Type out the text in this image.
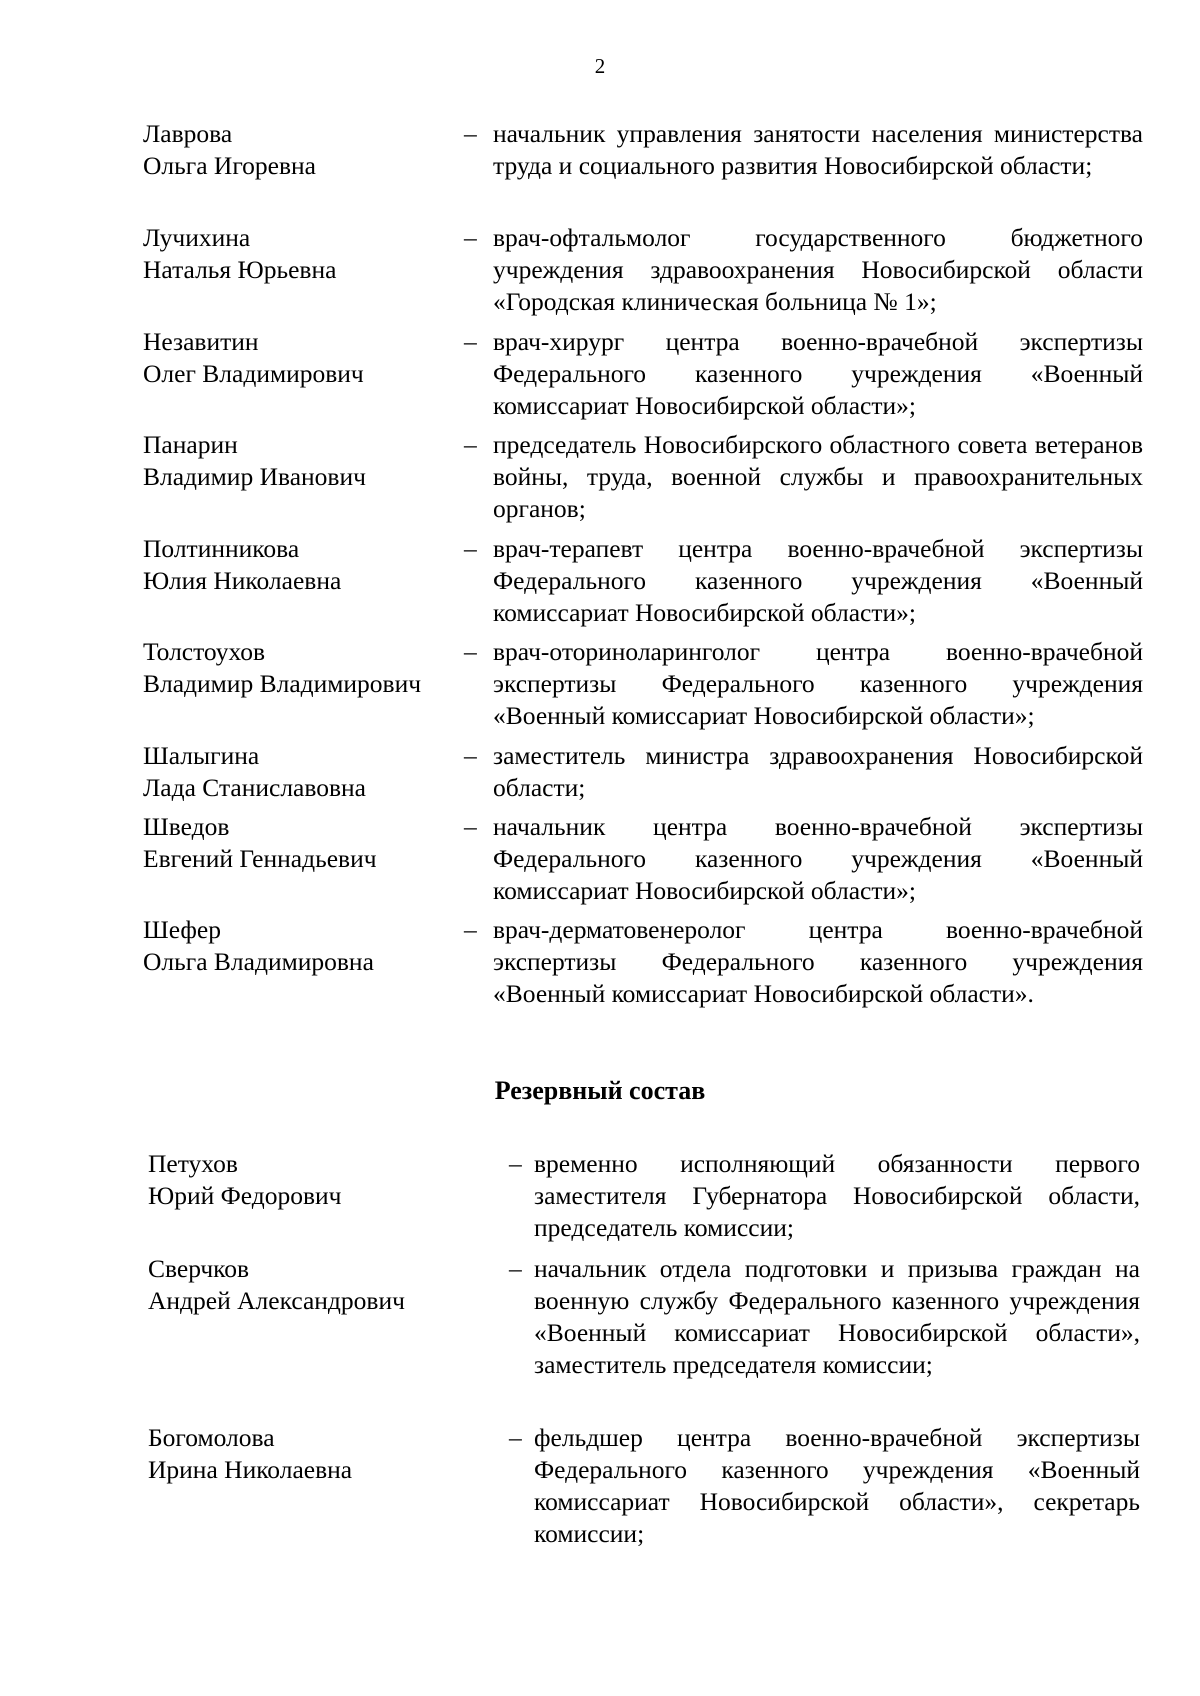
2
Лаврова
Ольга Игоревна
– начальник управления занятости населения министерства труда и социального развития Новосибирской области;
Лучихина
Наталья Юрьевна
– врач-офтальмолог государственного бюджетного учреждения здравоохранения Новосибирской области «Городская клиническая больница № 1»;
Незавитин
Олег Владимирович
– врач-хирург центра военно-врачебной экспертизы Федерального казенного учреждения «Военный комиссариат Новосибирской области»;
Панарин
Владимир Иванович
– председатель Новосибирского областного совета ветеранов войны, труда, военной службы и правоохранительных органов;
Полтинникова
Юлия Николаевна
– врач-терапевт центра военно-врачебной экспертизы Федерального казенного учреждения «Военный комиссариат Новосибирской области»;
Толстоухов
Владимир Владимирович
– врач-оториноларинголог центра военно-врачебной экспертизы Федерального казенного учреждения «Военный комиссариат Новосибирской области»;
Шалыгина
Лада Станиславовна
– заместитель министра здравоохранения Новосибирской области;
Шведов
Евгений Геннадьевич
– начальник центра военно-врачебной экспертизы Федерального казенного учреждения «Военный комиссариат Новосибирской области»;
Шефер
Ольга Владимировна
– врач-дерматовенеролог центра военно-врачебной экспертизы Федерального казенного учреждения «Военный комиссариат Новосибирской области».
Резервный состав
Петухов
Юрий Федорович
– временно исполняющий обязанности первого заместителя Губернатора Новосибирской области, председатель комиссии;
Сверчков
Андрей Александрович
– начальник отдела подготовки и призыва граждан на военную службу Федерального казенного учреждения «Военный комиссариат Новосибирской области», заместитель председателя комиссии;
Богомолова
Ирина Николаевна
– фельдшер центра военно-врачебной экспертизы Федерального казенного учреждения «Военный комиссариат Новосибирской области», секретарь комиссии;
